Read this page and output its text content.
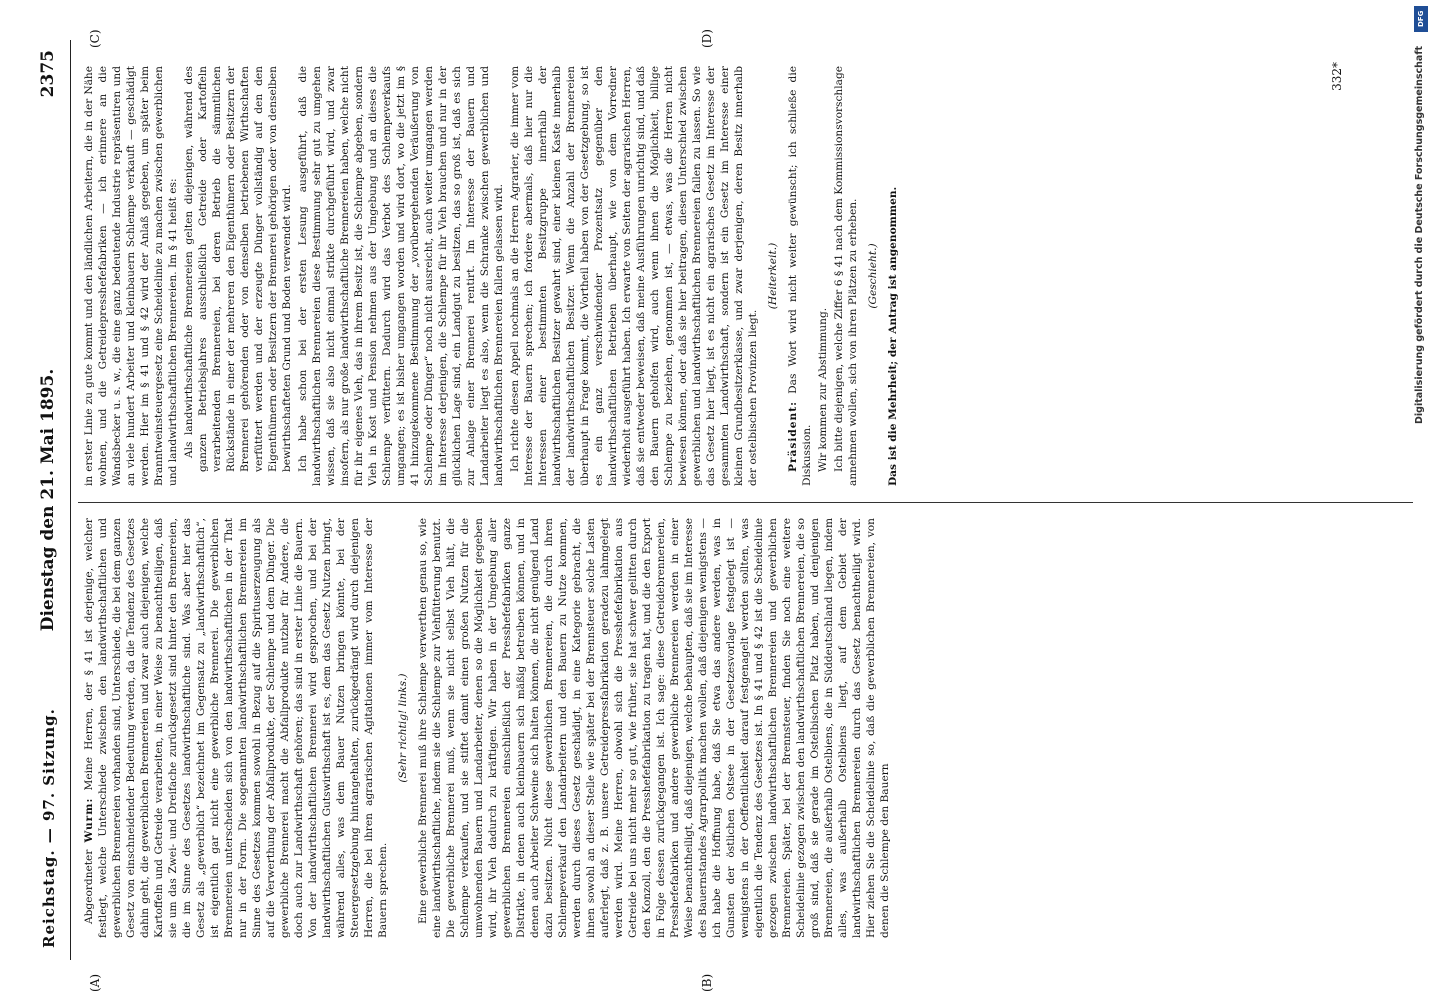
Reichstag. — 97. Sitzung.
Dienstag den 21. Mai 1895.
2375
(A)	(B)
(C)	(D)

Abgeordneter Wurm: Meine Herren, der § 41 ist derjenige, welcher festlegt, welche Unterschiede zwischen den landwirthschaftlichen und gewerblichen Brennereien vorhanden sind, Unterschiede, die bei dem ganzen Gesetz von einschneidender Bedeutung werden, da die Tendenz des Gesetzes dahin geht, die gewerblichen Brennereien und zwar auch diejenigen, welche Kartoffeln und Getreide verarbeiten, in einer Weise zu benachtheiligen, daß sie um das Zwei- und Dreifache zurückgesetzt sind hinter den Brennereien, die im Sinne des Gesetzes landwirthschaftliche sind. Was aber hier das Gesetz als „gewerblich“ bezeichnet im Gegensatz zu „landwirthschaftlich“, ist eigentlich gar nicht eine gewerbliche Brennerei. Die gewerblichen Brennereien unterscheiden sich von den landwirthschaftlichen in der That nur in der Form. Die sogenannten landwirthschaftlichen Brennereien im Sinne des Gesetzes kommen sowohl in Bezug auf die Spirituserzeugung als auf die Verwerthung der Abfallprodukte, der Schlempe und dem Dünger. Die gewerbliche Brennerei macht die Abfallprodukte nutzbar für Andere, die doch auch zur Landwirthschaft gehören; das sind in erster Linie die Bauern. Von der landwirthschaftlichen Brennerei wird gesprochen, und bei der landwirthschaftlichen Gutswirthschaft ist es, dem das Gesetz Nutzen bringt, während alles, was dem Bauer Nutzen bringen könnte, bei der Steuergesetzgebung hintangehalten, zurückgedrängt wird durch diejenigen Herren, die bei ihren agrarischen Agitationen immer vom Interesse der Bauern sprechen.

(Sehr richtig! links.) Eine gewerbliche Brennerei muß ihre Schlempe verwerthen genau so, wie eine landwirthschaftliche, indem sie die Schlempe zur Viehfütterung benutzt. Die gewerbliche Brennerei muß, wenn sie nicht selbst Vieh hält, die Schlempe verkaufen, und sie stiftet damit einen großen Nutzen für die umwohnenden Bauern und Landarbeiter, denen so die Möglichkeit gegeben wird, ihr Vieh dadurch zu kräftigen. Wir haben in der Umgebung aller gewerblichen Brennereien einschließlich der Presshefefabriken ganze Distrikte, in denen auch kleinbauern sich mäßig betreiben können, und in denen auch Arbeiter Schweine sich halten können, die nicht genügend Land dazu besitzen. Nicht diese gewerblichen Brennereien, die durch ihren Schlempeverkauf den Landarbeitern und den Bauern zu Nutze kommen, werden durch dieses Gesetz geschädigt, in eine Kategorie gebracht, die ihnen sowohl an dieser Stelle wie später bei der Brennsteuer solche Lasten auferlegt, daß z. B. unsere Getreidepressfabrikation geradezu lahmgelegt werden wird. Meine Herren, obwohl sich die Presshefefabrikation aus Getreide bei uns nicht mehr so gut, wie früher, sie hat schwer gelitten durch den Konzoll, den die Presshefefabrikation zu tragen hat, und die den Export in Folge dessen zurückgegangen ist. Ich sage: diese Getreidebrennereien, Presshefefabriken und andere gewerbliche Brennereien werden in einer Weise benachtheiligt, daß diejenigen, welche behaupten, daß sie im Interesse des Bauernstandes Agrarpolitik machen wollen, daß diejenigen wenigstens — ich habe die Hoffnung habe, daß Sie etwa das andere werden, was in Gunsten der östlichen Ostsee in der Gesetzesvorlage festgelegt ist — wenigstens in der Oeffentlichkeit darauf festgenagelt werden sollten, was eigentlich die Tendenz des Gesetzes ist. In § 41 und § 42 ist die Scheidelinie gezogen zwischen landwirthschaftlichen Brennereien und gewerblichen Brennereien. Später, bei der Brennsteuer, finden Sie noch eine weitere Scheidelinie gezogen zwischen den landwirthschaftlichen Brennereien, die so groß sind, daß sie gerade im Ostelbischen Platz haben, und denjenigen Brennereien, die außerhalb Ostelbiens, die in Süddeutschland liegen, indem alles, was außerhalb Ostelbiens liegt, auf dem Gebiet der landwirthschaftlichen Brennereien durch das Gesetz benachtheiligt wird. Hier ziehen Sie die Scheidelinie so, daß die gewerblichen Brennereien, von denen die Schlempe den Bauern

in erster Linie zu gute kommt und den ländlichen Arbeitern, die in der Nähe wohnen, und die Getreidepresshefefabriken — ich erinnere an die Wandsbecker u. s. w., die eine ganz bedeutende Industrie repräsentiren und an viele hundert Arbeiter und kleinbauern Schlempe verkauft — geschädigt werden. Hier im § 41 und § 42 wird der Anlaß gegeben, um später beim Branntweinsteuergesetz eine Scheidelinie zu machen zwischen gewerblichen und landwirthschaftlichen Brennereien. Im § 41 heißt es: Als landwirthschaftliche Brennereien gelten diejenigen, während des ganzen Betriebsjahres ausschließlich Getreide oder Kartoffeln verarbeitenden Brennereien, bei deren Betrieb die sämmtlichen Rückstände in einer der mehreren den Eigenthümern oder Besitzern der Brennerei gehörenden oder von denselben betriebenen Wirthschaften verfüttert werden und der erzeugte Dünger vollständig auf den den Eigenthümern oder Besitzern der Brennerei gehörigen oder von denselben bewirthschafteten Grund und Boden verwendet wird. Ich habe schon bei der ersten Lesung ausgeführt, daß die landwirthschaftlichen Brennereien diese Bestimmung sehr gut zu umgehen wissen, daß sie also nicht einmal strikte durchgeführt wird, und zwar insofern, als nur große landwirthschaftliche Brennereien haben, welche nicht für ihr eigenes Vieh, das in ihrem Besitz ist, die Schlempe abgeben, sondern Vieh in Kost und Pension nehmen aus der Umgebung und an dieses die Schlempe verfüttern. Dadurch wird das Verbot des Schlempeverkaufs umgangen; es ist bisher umgangen worden und wird dort, wo die jetzt im § 41 hinzugekommene Bestimmung der „vorübergehenden Veräußerung von Schlempe oder Dünger“ noch nicht ausreicht, auch weiter umgangen werden im Interesse derjenigen, die Schlempe für ihr Vieh brauchen und nur in der glücklichen Lage sind, ein Landgut zu besitzen, das so groß ist, daß es sich zur Anlage einer Brennerei rentirt. Im Interesse der Bauern und Landarbeiter liegt es also, wenn die Schranke zwischen gewerblichen und landwirthschaftlichen Brennereien fallen gelassen wird. Ich richte diesen Appell nochmals an die Herren Agrarier, die immer vom Interesse der Bauern sprechen; ich fordere abermals, daß hier nur die Interessen einer bestimmten Besitzgruppe innerhalb der landwirthschaftlichen Besitzer gewahrt sind, einer kleinen Kaste innerhalb der landwirthschaftlichen Besitzer. Wenn die Anzahl der Brennereien überhaupt in Frage kommt, die Vortheil haben von der Gesetzgebung, so ist es ein ganz verschwindender Prozentsatz gegenüber den landwirthschaftlichen Betrieben überhaupt, wie von dem Vorredner wiederholt ausgeführt haben. Ich erwarte von Seiten der agrarischen Herren, daß sie entweder beweisen, daß meine Ausführungen unrichtig sind, und daß den Bauern geholfen wird, auch wenn ihnen die Möglichkeit, billige Schlempe zu beziehen, genommen ist, — etwas, was die Herren nicht bewiesen können, oder daß sie hier beitragen, diesen Unterschied zwischen gewerblichen und landwirthschaftlichen Brennereien fallen zu lassen. So wie das Gesetz hier liegt, ist es nicht ein agrarisches Gesetz im Interesse der gesammten Landwirthschaft, sondern ist ein Gesetz im Interesse einer kleinen Grundbesitzerklasse, und zwar derjenigen, deren Besitz innerhalb der ostelbischen Provinzen liegt.

(Heiterkeit.)

Präsident: Das Wort wird nicht weiter gewünscht; ich schließe die Diskussion. Wir kommen zur Abstimmung. Ich bitte diejenigen, welche Ziffer 6 § 41 nach dem Kommissionsvorschlage annehmen wollen, sich von ihren Plätzen zu erheben. (Geschieht.) Das ist die Mehrheit; der Antrag ist angenommen.

332*	Digitalisierung gefördert durch die Deutsche Forschungsgemeinschaft
DFG
